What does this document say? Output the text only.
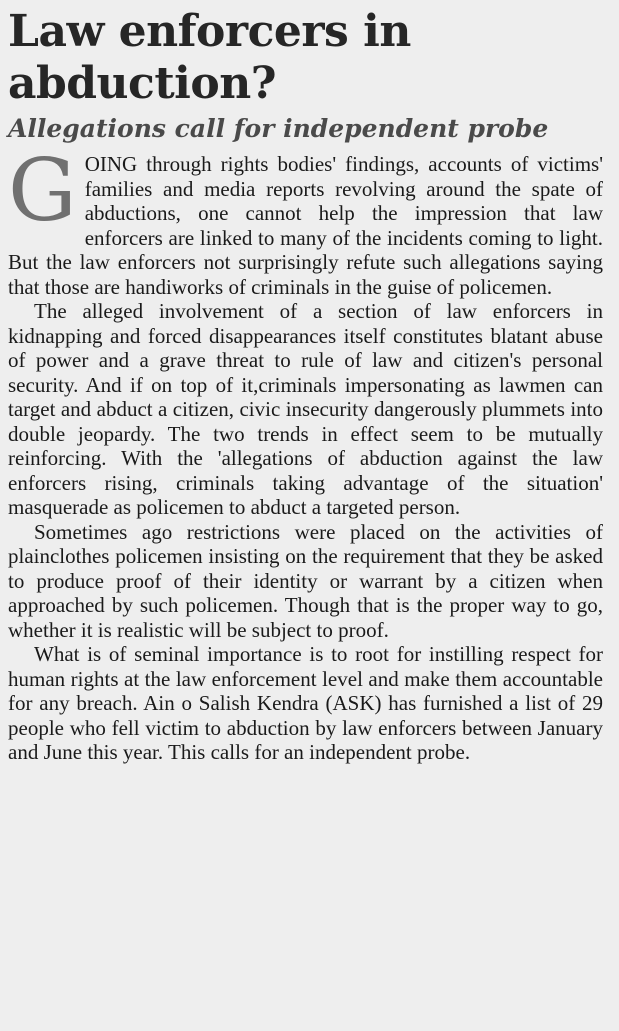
Law enforcers in abduction?
Allegations call for independent probe

GOING through rights bodies' findings, accounts of victims' families and media reports revolving around the spate of abductions, one cannot help the impression that law enforcers are linked to many of the incidents coming to light. But the law enforcers not surprisingly refute such allegations saying that those are handiworks of criminals in the guise of policemen.

The alleged involvement of a section of law enforcers in kidnapping and forced disappearances itself constitutes blatant abuse of power and a grave threat to rule of law and citizen's personal security. And if on top of it,criminals impersonating as lawmen can target and abduct a citizen, civic insecurity dangerously plummets into double jeopardy. The two trends in effect seem to be mutually reinforcing. With the 'allegations of abduction against the law enforcers rising, criminals taking advantage of the situation' masquerade as policemen to abduct a targeted person.

Sometimes ago restrictions were placed on the activities of plainclothes policemen insisting on the requirement that they be asked to produce proof of their identity or warrant by a citizen when approached by such policemen. Though that is the proper way to go, whether it is realistic will be subject to proof.

What is of seminal importance is to root for instilling respect for human rights at the law enforcement level and make them accountable for any breach. Ain o Salish Kendra (ASK) has furnished a list of 29 people who fell victim to abduction by law enforcers between January and June this year. This calls for an independent probe.
